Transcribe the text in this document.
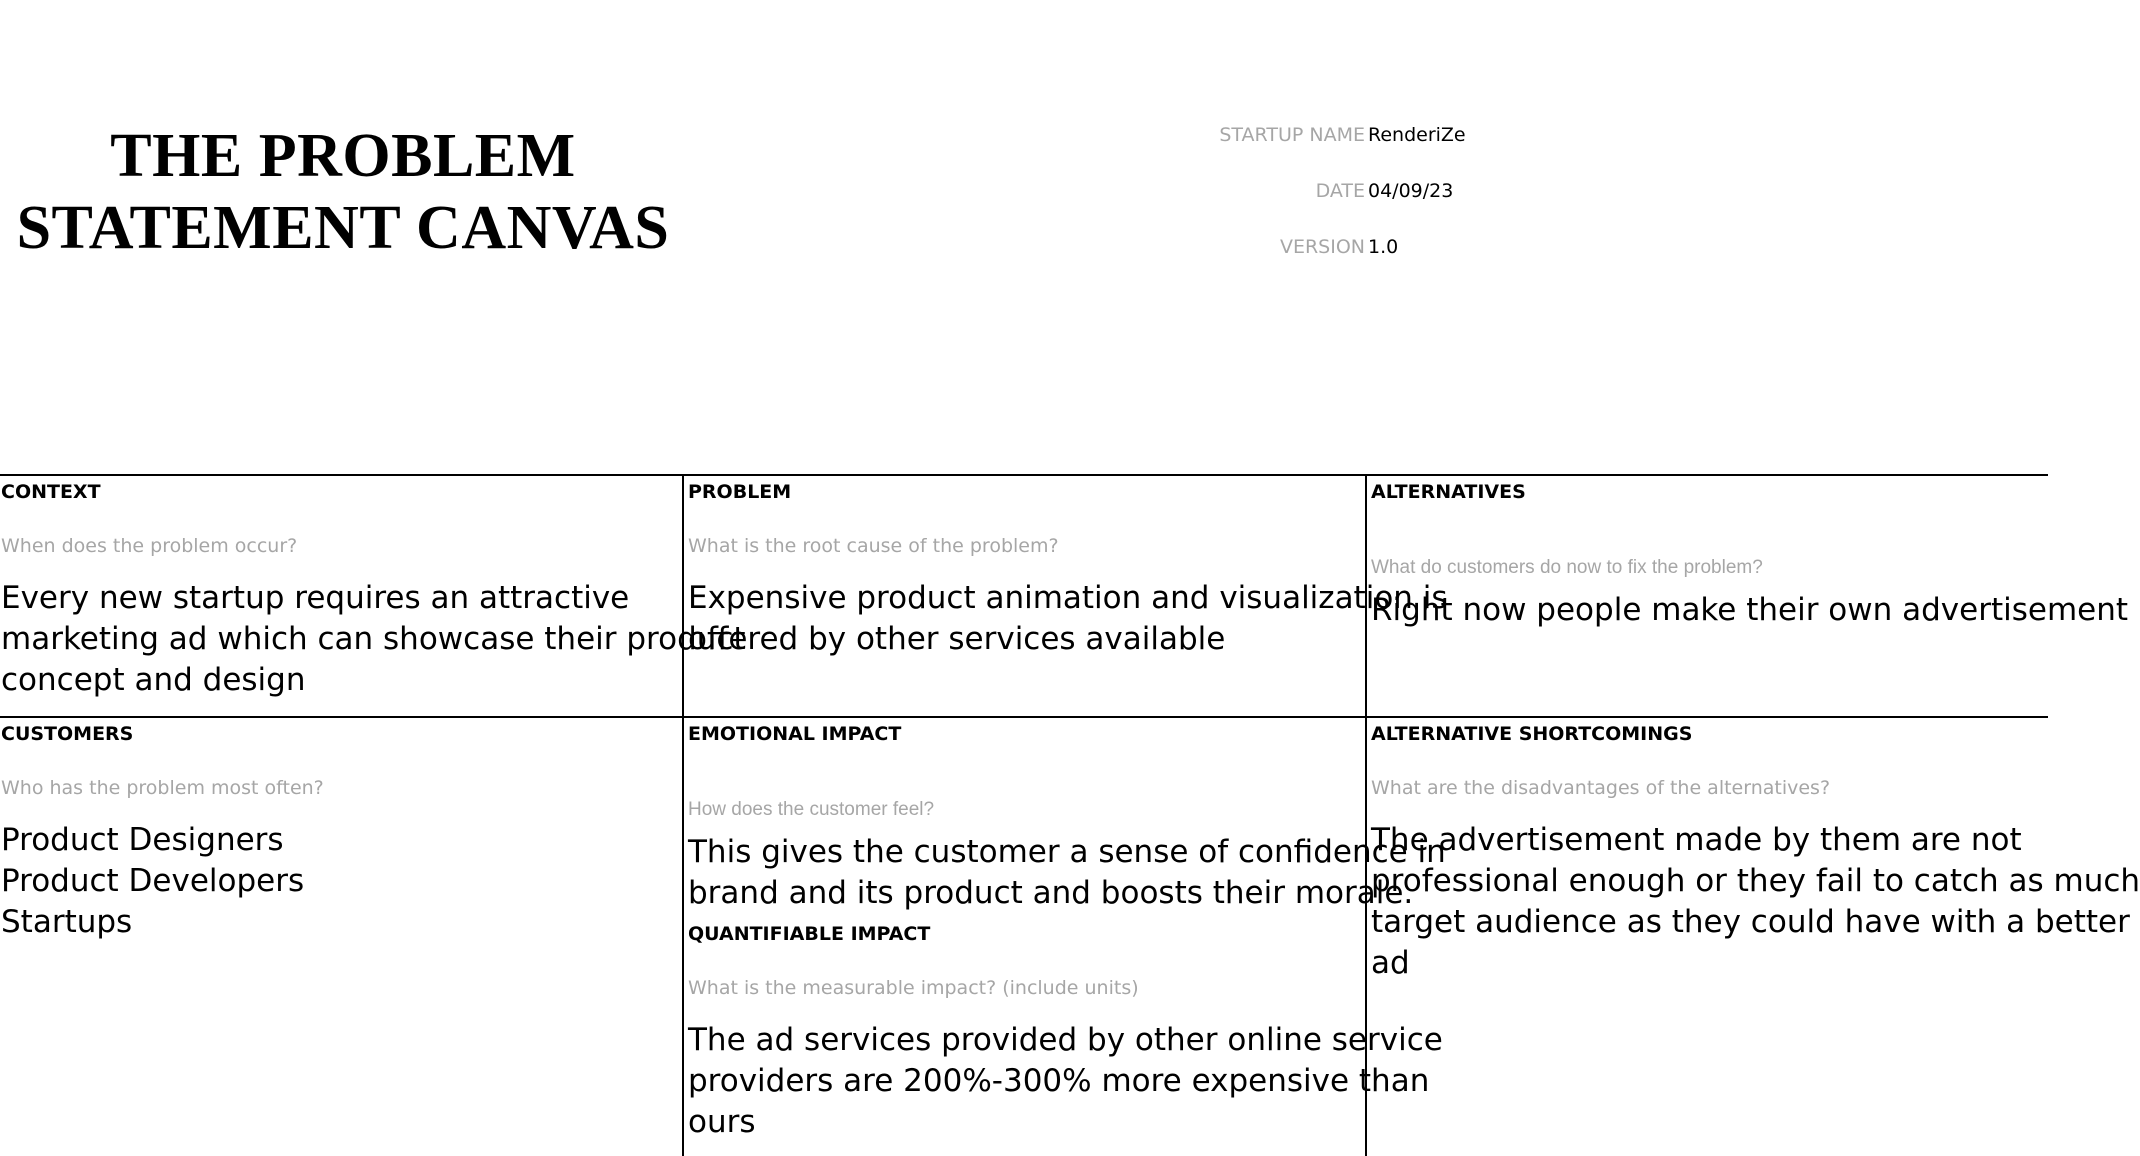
THE PROBLEM
STATEMENT CANVAS
STARTUP NAME RenderiZe
DATE 04/09/23
VERSION 1.0
CONTEXT
When does the problem occur?
Every new startup requires an attractive
marketing ad which can showcase their product
concept and design
PROBLEM
What is the root cause of the problem?
Expensive product animation and visualization is
offered by other services available
ALTERNATIVES
What do customers do now to fix the problem?
Right now people make their own advertisement
CUSTOMERS
Who has the problem most often?
Product Designers
Product Developers
Startups
EMOTIONAL IMPACT
How does the customer feel?
This gives the customer a sense of confidence in
brand and its product and boosts their morale.
QUANTIFIABLE IMPACT
What is the measurable impact? (include units)
The ad services provided by other online service
providers are 200%-300% more expensive than
ours
ALTERNATIVE SHORTCOMINGS
What are the disadvantages of the alternatives?
The advertisement made by them are not
professional enough or they fail to catch as much
target audience as they could have with a better
ad
